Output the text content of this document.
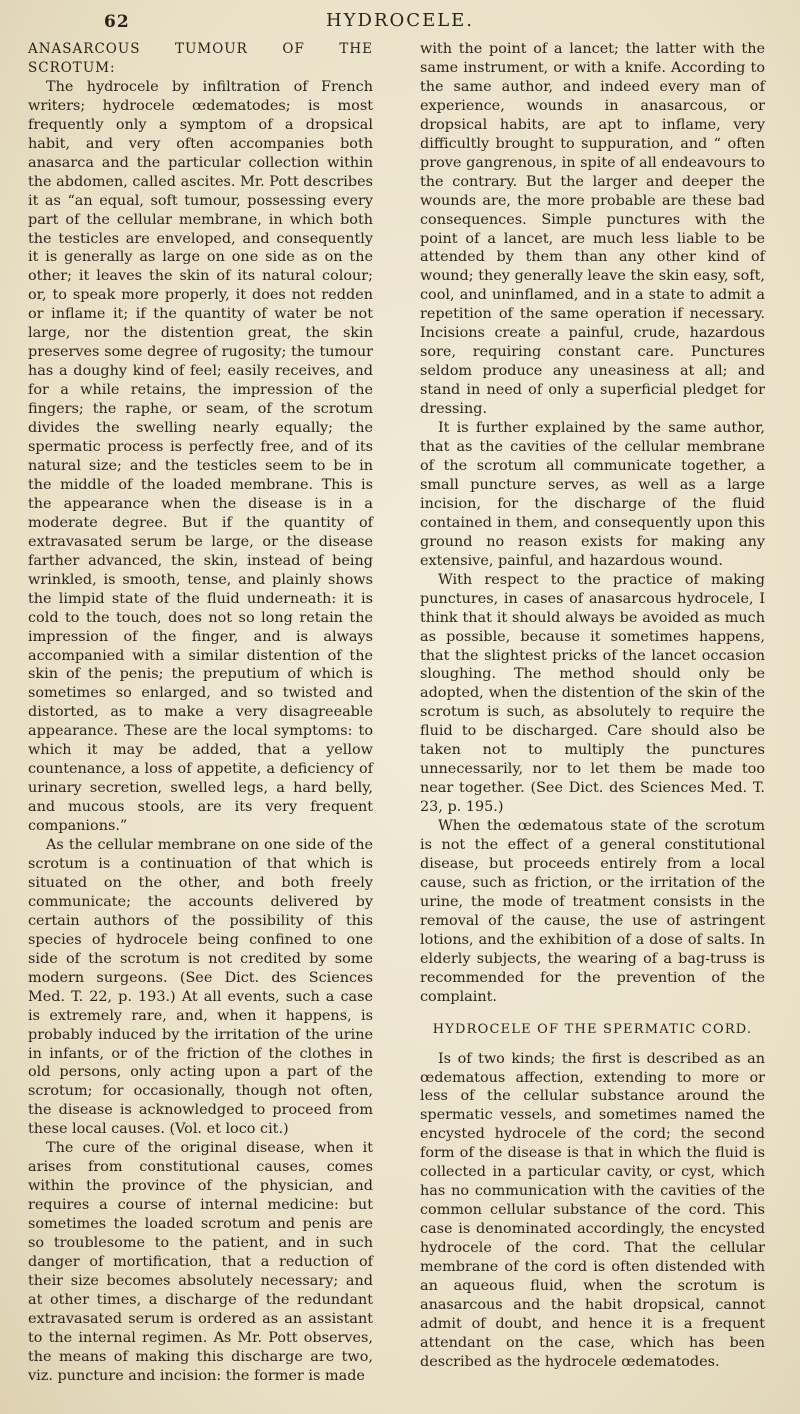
62	HYDROCELE.

ANASARCOUS TUMOUR OF THE SCROTUM:

The hydrocele by infiltration of French writers; hydrocele œdematodes; is most frequently only a symptom of a dropsical habit, and very often accompanies both anasarca and the particular collection within the abdomen, called ascites. Mr. Pott describes it as “an equal, soft tumour, possessing every part of the cellular membrane, in which both the testicles are enveloped, and consequently it is generally as large on one side as on the other; it leaves the skin of its natural colour; or, to speak more properly, it does not redden or inflame it; if the quantity of water be not large, nor the distention great, the skin preserves some degree of rugosity; the tumour has a doughy kind of feel; easily receives, and for a while retains, the impression of the fingers; the raphe, or seam, of the scrotum divides the swelling nearly equally; the spermatic process is perfectly free, and of its natural size; and the testicles seem to be in the middle of the loaded membrane. This is the appearance when the disease is in a moderate degree. But if the quantity of extravasated serum be large, or the disease farther advanced, the skin, instead of being wrinkled, is smooth, tense, and plainly shows the limpid state of the fluid underneath: it is cold to the touch, does not so long retain the impression of the finger, and is always accompanied with a similar distention of the skin of the penis; the preputium of which is sometimes so enlarged, and so twisted and distorted, as to make a very disagreeable appearance. These are the local symptoms: to which it may be added, that a yellow countenance, a loss of appetite, a deficiency of urinary secretion, swelled legs, a hard belly, and mucous stools, are its very frequent companions.”

As the cellular membrane on one side of the scrotum is a continuation of that which is situated on the other, and both freely communicate; the accounts delivered by certain authors of the possibility of this species of hydrocele being confined to one side of the scrotum is not credited by some modern surgeons. (See Dict. des Sciences Med. T. 22, p. 193.) At all events, such a case is extremely rare, and, when it happens, is probably induced by the irritation of the urine in infants, or of the friction of the clothes in old persons, only acting upon a part of the scrotum; for occasionally, though not often, the disease is acknowledged to proceed from these local causes. (Vol. et loco cit.)

The cure of the original disease, when it arises from constitutional causes, comes within the province of the physician, and requires a course of internal medicine: but sometimes the loaded scrotum and penis are so troublesome to the patient, and in such danger of mortification, that a reduction of their size becomes absolutely necessary; and at other times, a discharge of the redundant extravasated serum is ordered as an assistant to the internal regimen. As Mr. Pott observes, the means of making this discharge are two, viz. puncture and incision: the former is made

with the point of a lancet; the latter with the same instrument, or with a knife. According to the same author, and indeed every man of experience, wounds in anasarcous, or dropsical habits, are apt to inflame, very difficultly brought to suppuration, and “ often prove gangrenous, in spite of all endeavours to the contrary. But the larger and deeper the wounds are, the more probable are these bad consequences. Simple punctures with the point of a lancet, are much less liable to be attended by them than any other kind of wound; they generally leave the skin easy, soft, cool, and uninflamed, and in a state to admit a repetition of the same operation if necessary. Incisions create a painful, crude, hazardous sore, requiring constant care. Punctures seldom produce any uneasiness at all; and stand in need of only a superficial pledget for dressing.

It is further explained by the same author, that as the cavities of the cellular membrane of the scrotum all communicate together, a small puncture serves, as well as a large incision, for the discharge of the fluid contained in them, and consequently upon this ground no reason exists for making any extensive, painful, and hazardous wound.

With respect to the practice of making punctures, in cases of anasarcous hydrocele, I think that it should always be avoided as much as possible, because it sometimes happens, that the slightest pricks of the lancet occasion sloughing. The method should only be adopted, when the distention of the skin of the scrotum is such, as absolutely to require the fluid to be discharged. Care should also be taken not to multiply the punctures unnecessarily, nor to let them be made too near together. (See Dict. des Sciences Med. T. 23, p. 195.)

When the œdematous state of the scrotum is not the effect of a general constitutional disease, but proceeds entirely from a local cause, such as friction, or the irritation of the urine, the mode of treatment consists in the removal of the cause, the use of astringent lotions, and the exhibition of a dose of salts. In elderly subjects, the wearing of a bag-truss is recommended for the prevention of the complaint.

HYDROCELE OF THE SPERMATIC CORD.

Is of two kinds; the first is described as an œdematous affection, extending to more or less of the cellular substance around the spermatic vessels, and sometimes named the encysted hydrocele of the cord; the second form of the disease is that in which the fluid is collected in a particular cavity, or cyst, which has no communication with the cavities of the common cellular substance of the cord. This case is denominated accordingly, the encysted hydrocele of the cord. That the cellular membrane of the cord is often distended with an aqueous fluid, when the scrotum is anasarcous and the habit dropsical, cannot admit of doubt, and hence it is a frequent attendant on the case, which has been described as the hydrocele œdematodes.
